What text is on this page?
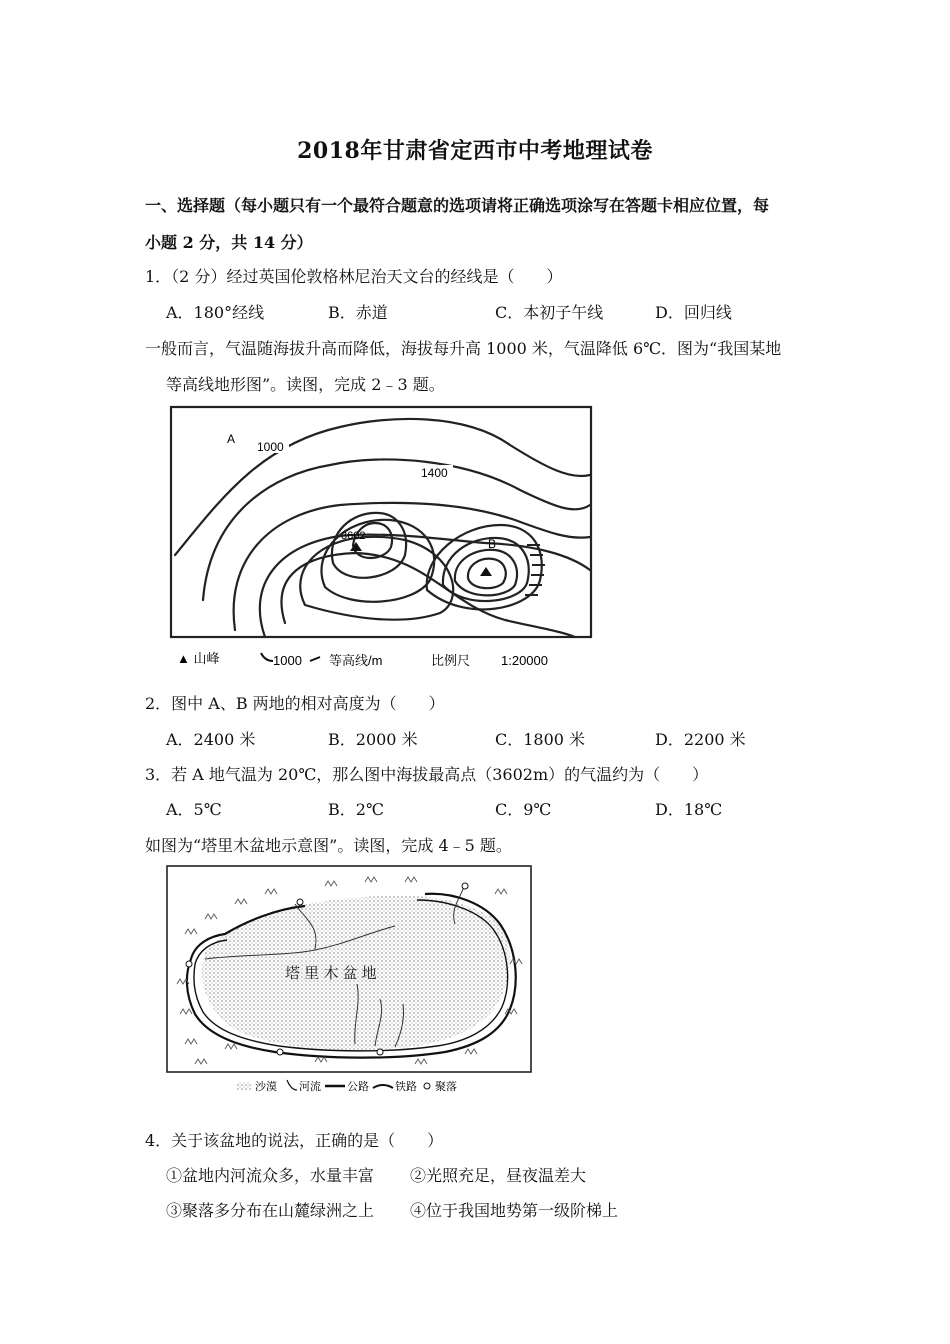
2018年甘肃省定西市中考地理试卷
一、选择题（每小题只有一个最符合题意的选项请将正确选项涂写在答题卡相应位置，每
小题 2 分，共 14 分）
1．（2 分）经过英国伦敦格林尼治天文台的经线是（　　）
A．180°经线	B．赤道	C．本初子午线	D．回归线
一般而言，气温随海拔升高而降低，海拔每升高 1000 米，气温降低 6℃．图为“我国某地
等高线地形图”。读图，完成 2﹣3 题。
A
1000
1400
3602
B
▲ 山峰	1000 等高线/m	比例尺 1:20000
2．图中 A、B 两地的相对高度为（　　）
A．2400 米	B．2000 米	C．1800 米	D．2200 米
3．若 A 地气温为 20℃，那么图中海拔最高点（3602m）的气温约为（　　）
A．5℃	B．2℃	C．9℃	D．18℃
如图为“塔里木盆地示意图”。读图，完成 4﹣5 题。
塔 里 木 盆 地
沙漠 河流 公路 铁路 聚落
4．关于该盆地的说法，正确的是（　　）
①盆地内河流众多，水量丰富 ②光照充足，昼夜温差大
③聚落多分布在山麓绿洲之上 ④位于我国地势第一级阶梯上
